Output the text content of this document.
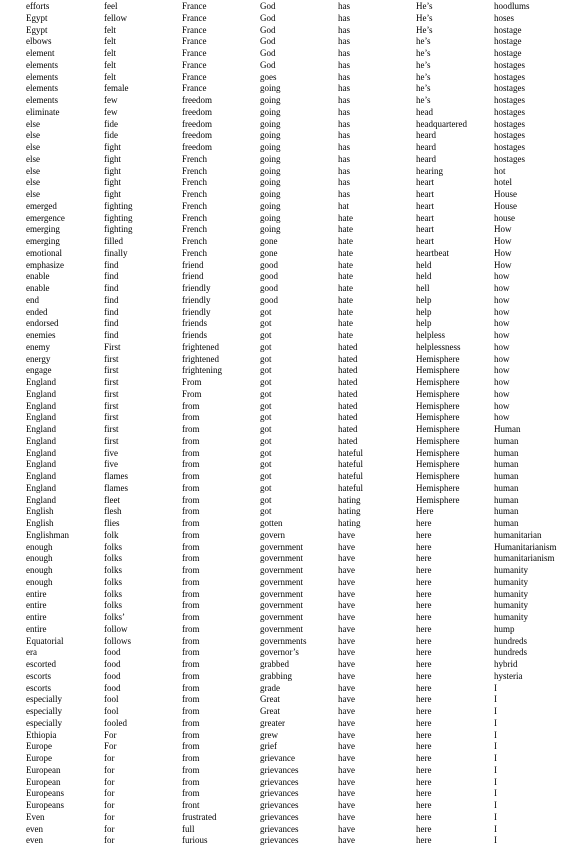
efforts
Egypt
Egypt
elbows
element
elements
elements
elements
elements
eliminate
else
else
else
else
else
else
else
emerged
emergence
emerging
emerging
emotional
emphasize
enable
enable
end
ended
endorsed
enemies
enemy
energy
engage
England
England
England
England
England
England
England
England
England
England
England
English
English
Englishman
enough
enough
enough
enough
entire
entire
entire
entire
Equatorial
era
escorted
escorts
escorts
especially
especially
especially
Ethiopia
Europe
Europe
European
European
Europeans
Europeans
Even
even
even
feel
fellow
felt
felt
felt
felt
felt
female
few
few
fide
fide
fight
fight
fight
fight
fight
fighting
fighting
fighting
filled
finally
find
find
find
find
find
find
find
First
first
first
first
first
first
first
first
first
five
five
flames
flames
fleet
flesh
flies
folk
folks
folks
folks
folks
folks
folks
folks’
follow
follows
food
food
food
food
fool
fool
fooled
For
For
for
for
for
for
for
for
for
for
France
France
France
France
France
France
France
France
freedom
freedom
freedom
freedom
freedom
French
French
French
French
French
French
French
French
French
friend
friend
friendly
friendly
friendly
friends
friends
frightened
frightened
frightening
From
From
from
from
from
from
from
from
from
from
from
from
from
from
from
from
from
from
from
from
from
from
from
from
from
from
from
from
from
from
from
from
from
from
from
from
front
frustrated
full
furious
God
God
God
God
God
God
goes
going
going
going
going
going
going
going
going
going
going
going
going
going
gone
gone
good
good
good
good
got
got
got
got
got
got
got
got
got
got
got
got
got
got
got
got
got
got
gotten
govern
government
government
government
government
government
government
government
government
governments
governor’s
grabbed
grabbing
grade
Great
Great
greater
grew
grief
grievance
grievances
grievances
grievances
grievances
grievances
grievances
grievances
has
has
has
has
has
has
has
has
has
has
has
has
has
has
has
has
has
hat
hate
hate
hate
hate
hate
hate
hate
hate
hate
hate
hate
hated
hated
hated
hated
hated
hated
hated
hated
hated
hateful
hateful
hateful
hateful
hating
hating
hating
have
have
have
have
have
have
have
have
have
have
have
have
have
have
have
have
have
have
have
have
have
have
have
have
have
have
have
He’s
He’s
He’s
he’s
he’s
he’s
he’s
he’s
he’s
head
headquartered
heard
heard
heard
hearing
heart
heart
heart
heart
heart
heart
heartbeat
held
held
hell
help
help
help
helpless
helplessness
Hemisphere
Hemisphere
Hemisphere
Hemisphere
Hemisphere
Hemisphere
Hemisphere
Hemisphere
Hemisphere
Hemisphere
Hemisphere
Hemisphere
Hemisphere
Here
here
here
here
here
here
here
here
here
here
here
here
here
here
here
here
here
here
here
here
here
here
here
here
here
here
here
here
here
hoodlums
hoses
hostage
hostage
hostage
hostages
hostages
hostages
hostages
hostages
hostages
hostages
hostages
hostages
hot
hotel
House
House
house
How
How
How
How
how
how
how
how
how
how
how
how
how
how
how
how
how
Human
human
human
human
human
human
human
human
human
humanitarian
Humanitarianism
humanitarianism
humanity
humanity
humanity
humanity
humanity
hump
hundreds
hundreds
hybrid
hysteria
I
I
I
I
I
I
I
I
I
I
I
I
I
I
